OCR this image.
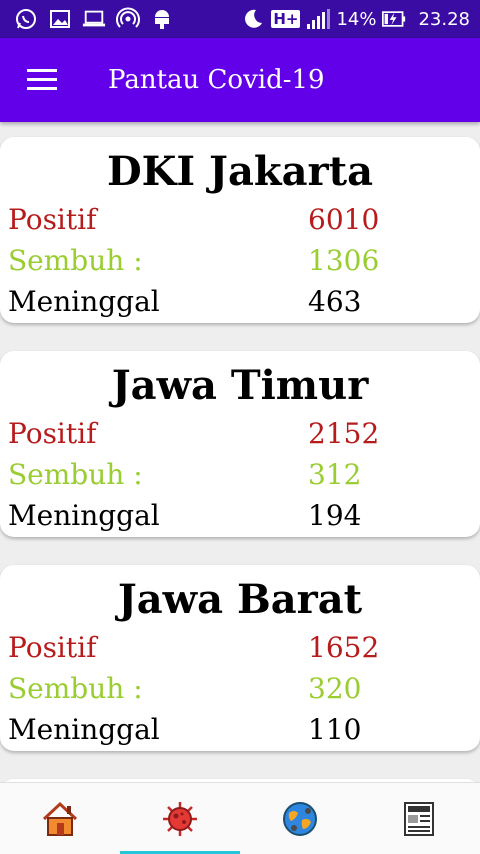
H+ 14% 23.28
Pantau Covid-19
DKI Jakarta
Positif	6010
Sembuh :	1306
Meninggal	463
Jawa Timur
Positif	2152
Sembuh :	312
Meninggal	194
Jawa Barat
Positif	1652
Sembuh :	320
Meninggal	110
